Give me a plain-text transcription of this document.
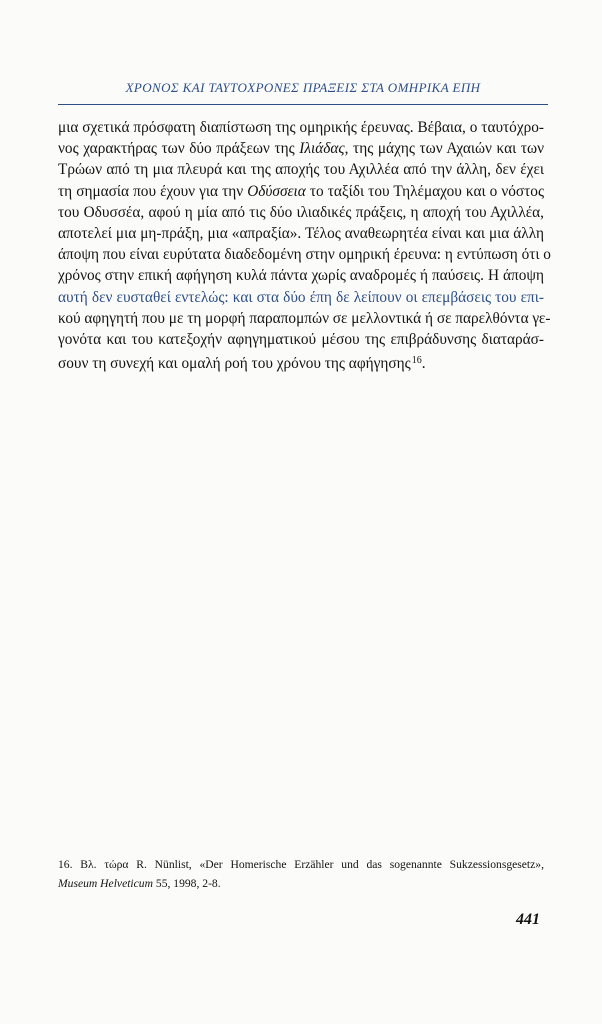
ΧΡΟΝΟΣ ΚΑΙ ΤΑΥΤΟΧΡΟΝΕΣ ΠΡΑΞΕΙΣ ΣΤΑ ΟΜΗΡΙΚΑ ΕΠΗ
μια σχετικά πρόσφατη διαπίστωση της ομηρικής έρευνας. Βέβαια, ο ταυτόχρο-
νος χαρακτήρας των δύο πράξεων της Ιλιάδας, της μάχης των Αχαιών και των
Τρώων από τη μια πλευρά και της αποχής του Αχιλλέα από την άλλη, δεν έχει
τη σημασία που έχουν για την Οδύσσεια το ταξίδι του Τηλέμαχου και ο νόστος
του Οδυσσέα, αφού η μία από τις δύο ιλιαδικές πράξεις, η αποχή του Αχιλλέα,
αποτελεί μια μη-πράξη, μια «απραξία». Τέλος αναθεωρητέα είναι και μια άλλη
άποψη που είναι ευρύτατα διαδεδομένη στην ομηρική έρευνα: η εντύπωση ότι ο
χρόνος στην επική αφήγηση κυλά πάντα χωρίς αναδρομές ή παύσεις. Η άποψη
αυτή δεν ευσταθεί εντελώς: και στα δύο έπη δε λείπουν οι επεμβάσεις του επι-
κού αφηγητή που με τη μορφή παραπομπών σε μελλοντικά ή σε παρελθόντα γε-
γονότα και του κατεξοχήν αφηγηματικού μέσου της επιβράδυνσης διαταράσ-
σουν τη συνεχή και ομαλή ροή του χρόνου της αφήγησης$^{16}$.
16. Βλ. τώρα R. Nünlist, «Der Homerische Erzähler und das sogenannte Sukzessionsgesetz»,
Museum Helveticum 55, 1998, 2-8.
441
